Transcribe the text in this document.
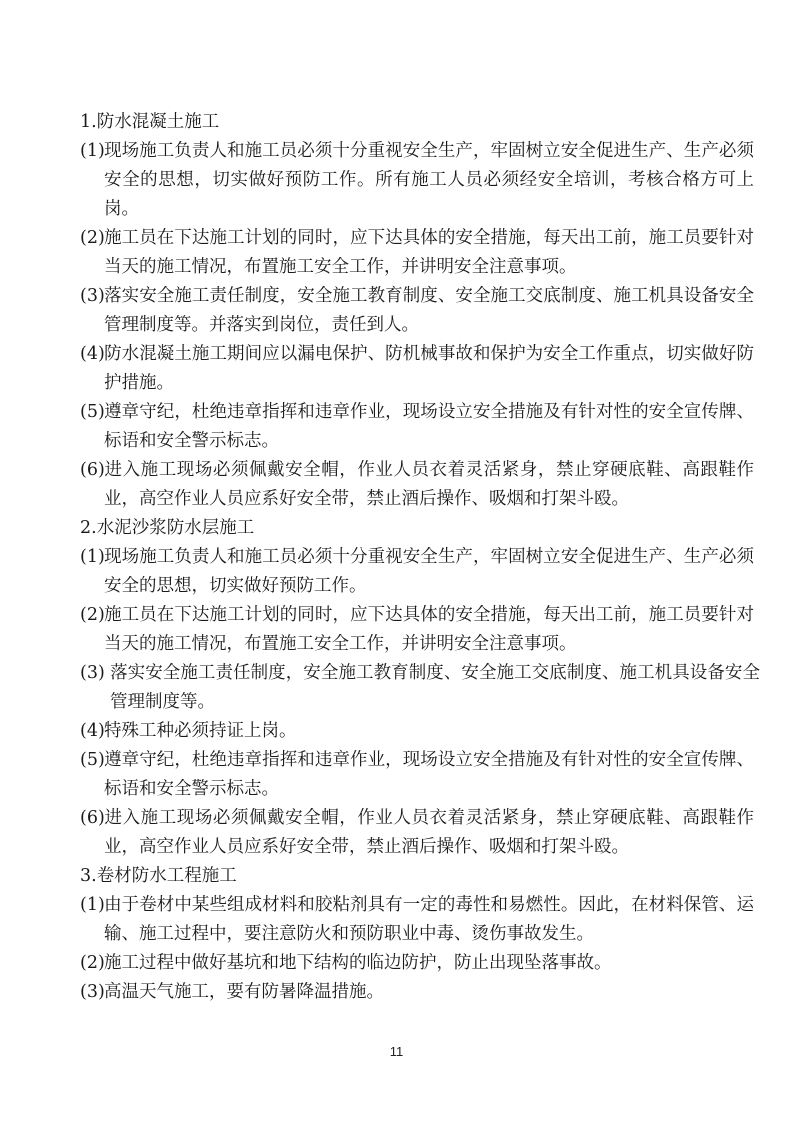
1.防水混凝土施工
(1)现场施工负责人和施工员必须十分重视安全生产，牢固树立安全促进生产、生产必须安全的思想，切实做好预防工作。所有施工人员必须经安全培训，考核合格方可上岗。
(2)施工员在下达施工计划的同时，应下达具体的安全措施，每天出工前，施工员要针对当天的施工情况，布置施工安全工作，并讲明安全注意事项。
(3)落实安全施工责任制度，安全施工教育制度、安全施工交底制度、施工机具设备安全管理制度等。并落实到岗位，责任到人。
(4)防水混凝土施工期间应以漏电保护、防机械事故和保护为安全工作重点，切实做好防护措施。
(5)遵章守纪，杜绝违章指挥和违章作业，现场设立安全措施及有针对性的安全宣传牌、标语和安全警示标志。
(6)进入施工现场必须佩戴安全帽，作业人员衣着灵活紧身，禁止穿硬底鞋、高跟鞋作业，高空作业人员应系好安全带，禁止酒后操作、吸烟和打架斗殴。
2.水泥沙浆防水层施工
(1)现场施工负责人和施工员必须十分重视安全生产，牢固树立安全促进生产、生产必须安全的思想，切实做好预防工作。
(2)施工员在下达施工计划的同时，应下达具体的安全措施，每天出工前，施工员要针对当天的施工情况，布置施工安全工作，并讲明安全注意事项。
(3) 落实安全施工责任制度，安全施工教育制度、安全施工交底制度、施工机具设备安全管理制度等。
(4)特殊工种必须持证上岗。
(5)遵章守纪，杜绝违章指挥和违章作业，现场设立安全措施及有针对性的安全宣传牌、标语和安全警示标志。
(6)进入施工现场必须佩戴安全帽，作业人员衣着灵活紧身，禁止穿硬底鞋、高跟鞋作业，高空作业人员应系好安全带，禁止酒后操作、吸烟和打架斗殴。
3.卷材防水工程施工
(1)由于卷材中某些组成材料和胶粘剂具有一定的毒性和易燃性。因此，在材料保管、运输、施工过程中，要注意防火和预防职业中毒、烫伤事故发生。
(2)施工过程中做好基坑和地下结构的临边防护，防止出现坠落事故。
(3)高温天气施工，要有防暑降温措施。
11
